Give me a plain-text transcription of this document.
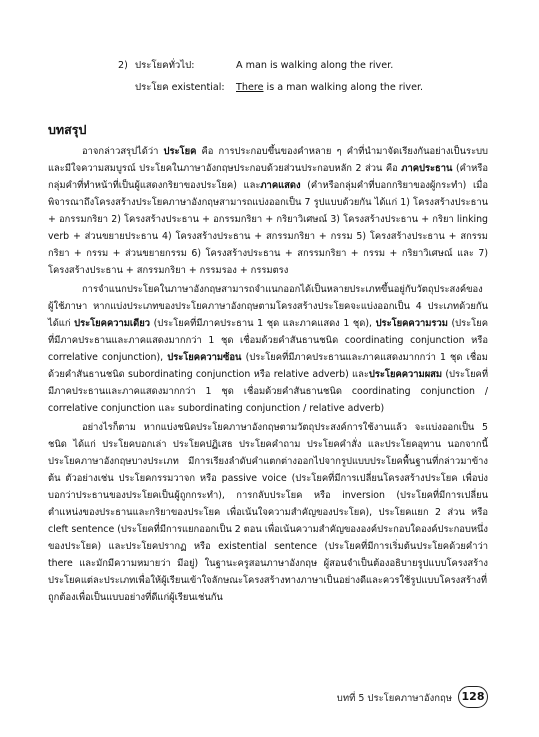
2) ประโยคทั่วไป:	A man is walking along the river.
ประโยค existential: There is a man walking along the river.
บทสรุป

อาจกล่าวสรุปได้ว่า ประโยค คือ การประกอบขึ้นของคำหลาย ๆ คำที่นำมาจัดเรียงกันอย่างเป็นระบบและมีใจความสมบูรณ์ ประโยคในภาษาอังกฤษประกอบด้วยส่วนประกอบหลัก 2 ส่วน คือ ภาคประธาน (คำหรือกลุ่มคำที่ทำหน้าที่เป็นผู้แสดงกริยาของประโยค) และภาคแสดง (คำหรือกลุ่มคำที่บอกกริยาของผู้กระทำ) เมื่อพิจารณาถึงโครงสร้างประโยคภาษาอังกฤษสามารถแบ่งออกเป็น 7 รูปแบบด้วยกัน ได้แก่ 1) โครงสร้างประธาน + อกรรมกริยา 2) โครงสร้างประธาน + อกรรมกริยา + กริยาวิเศษณ์ 3) โครงสร้างประธาน + กริยา linking verb + ส่วนขยายประธาน 4) โครงสร้างประธาน + สกรรมกริยา + กรรม 5) โครงสร้างประธาน + สกรรมกริยา + กรรม + ส่วนขยายกรรม 6) โครงสร้างประธาน + สกรรมกริยา + กรรม + กริยาวิเศษณ์ และ 7) โครงสร้างประธาน + สกรรมกริยา + กรรมรอง + กรรมตรง

การจำแนกประโยคในภาษาอังกฤษสามารถจำแนกออกได้เป็นหลายประเภทขึ้นอยู่กับวัตถุประสงค์ของผู้ใช้ภาษา หากแบ่งประเภทของประโยคภาษาอังกฤษตามโครงสร้างประโยคจะแบ่งออกเป็น 4 ประเภทด้วยกัน ได้แก่ ประโยคความเดียว (ประโยคที่มีภาคประธาน 1 ชุด และภาคแสดง 1 ชุด), ประโยคความรวม (ประโยคที่มีภาคประธานและภาคแสดงมากกว่า 1 ชุด เชื่อมด้วยคำสันธานชนิด coordinating conjunction หรือ correlative conjunction), ประโยคความซ้อน (ประโยคที่มีภาคประธานและภาคแสดงมากกว่า 1 ชุด เชื่อมด้วยคำสันธานชนิด subordinating conjunction หรือ relative adverb) และประโยคความผสม (ประโยคที่มีภาคประธานและภาคแสดงมากกว่า 1 ชุด เชื่อมด้วยคำสันธานชนิด coordinating conjunction / correlative conjunction และ subordinating conjunction / relative adverb)

อย่างไรก็ตาม หากแบ่งชนิดประโยคภาษาอังกฤษตามวัตถุประสงค์การใช้งานแล้ว จะแบ่งออกเป็น 5 ชนิด ได้แก่ ประโยคบอกเล่า ประโยคปฏิเสธ ประโยคคำถาม ประโยคคำสั่ง และประโยคอุทาน นอกจากนี้ ประโยคภาษาอังกฤษบางประเภท มีการเรียงลำดับคำแตกต่างออกไปจากรูปแบบประโยคพื้นฐานที่กล่าวมาข้างต้น ตัวอย่างเช่น ประโยคกรรมวาจก หรือ passive voice (ประโยคที่มีการเปลี่ยนโครงสร้างประโยค เพื่อบ่งบอกว่าประธานของประโยคเป็นผู้ถูกกระทำ), การกลับประโยค หรือ inversion (ประโยคที่มีการเปลี่ยนตำแหน่งของประธานและกริยาของประโยค เพื่อเน้นใจความสำคัญของประโยค), ประโยคแยก 2 ส่วน หรือ cleft sentence (ประโยคที่มีการแยกออกเป็น 2 ตอน เพื่อเน้นความสำคัญขององค์ประกอบใดองค์ประกอบหนึ่งของประโยค) และประโยคปรากฏ หรือ existential sentence (ประโยคที่มีการเริ่มต้นประโยคด้วยคำว่า there และมักมีความหมายว่า มีอยู่) ในฐานะครูสอนภาษาอังกฤษ ผู้สอนจำเป็นต้องอธิบายรูปแบบโครงสร้างประโยคแต่ละประเภทเพื่อให้ผู้เรียนเข้าใจลักษณะโครงสร้างทางภาษาเป็นอย่างดีและควรใช้รูปแบบโครงสร้างที่ถูกต้องเพื่อเป็นแบบอย่างที่ดีแก่ผู้เรียนเช่นกัน

บทที่ 5 ประโยคภาษาอังกฤษ 128
